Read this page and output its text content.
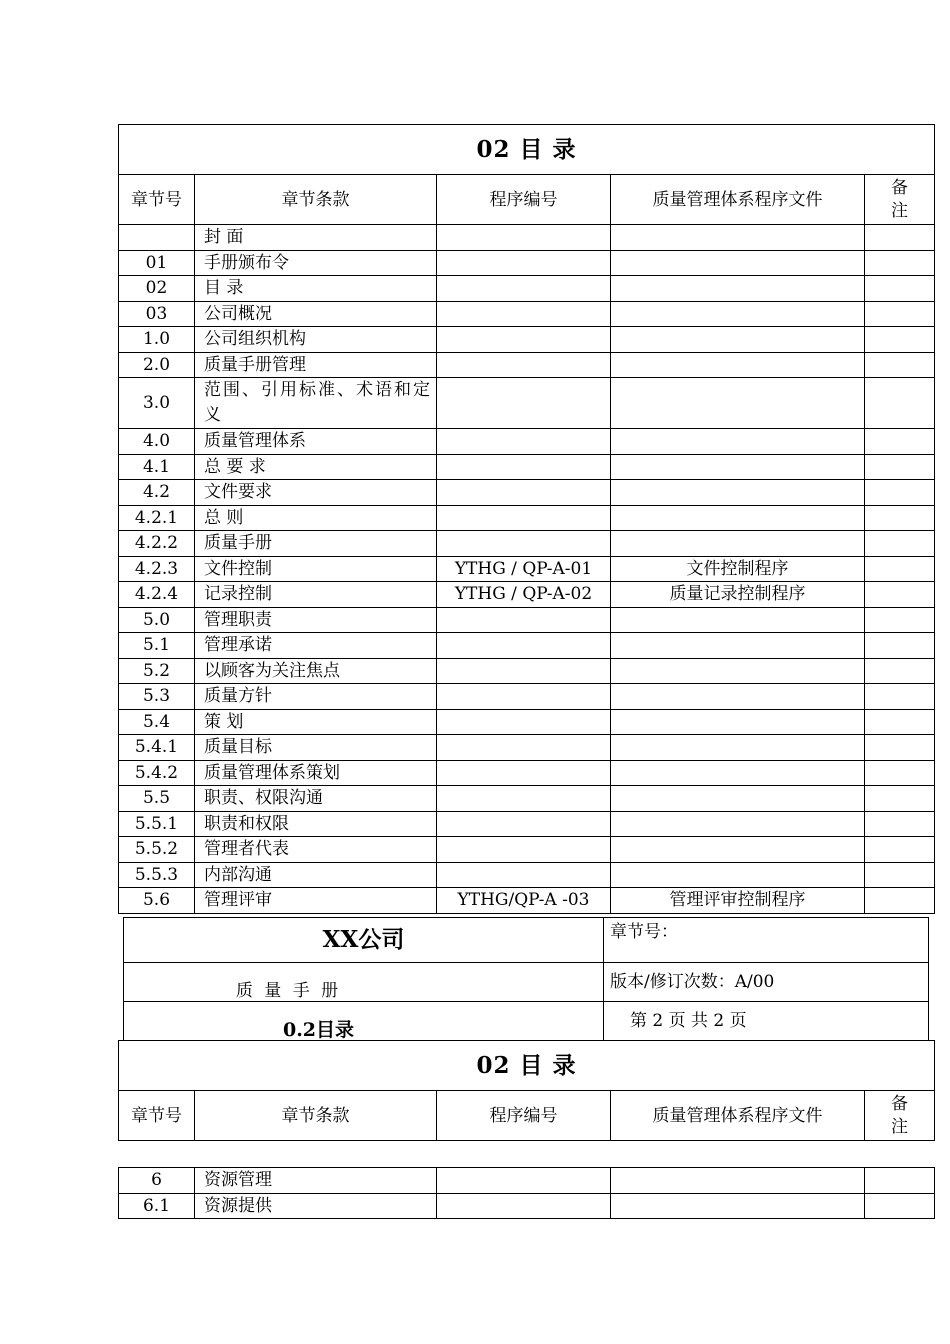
02 目 录				
章节号	章节条款	程序编号	质量管理体系程序文件	备注
	封 面			
01	手册颁布令			
02	目 录			
03	公司概况			
1.0	公司组织机构			
2.0	质量手册管理			
3.0	范围、引用标准、术语和定义			
4.0	质量管理体系			
4.1	总 要 求			
4.2	文件要求			
4.2.1	总 则			
4.2.2	质量手册			
4.2.3	文件控制	YTHG / QP-A-01	文件控制程序	
4.2.4	记录控制	YTHG / QP-A-02	质量记录控制程序	
5.0	管理职责			
5.1	管理承诺			
5.2	以顾客为关注焦点			
5.3	质量方针			
5.4	策 划			
5.4.1	质量目标			
5.4.2	质量管理体系策划			
5.5	职责、权限沟通			
5.5.1	职责和权限			
5.5.2	管理者代表			
5.5.3	内部沟通			
5.6	管理评审	YTHG/QP-A -03	管理评审控制程序	
XX公司	章节号：
质 量 手 册	版本/修订次数：A/00
0.2目录	第 2 页 共 2 页
02 目 录
章节号	章节条款	程序编号	质量管理体系程序文件	备注
6	资源管理			
6.1	资源提供			
